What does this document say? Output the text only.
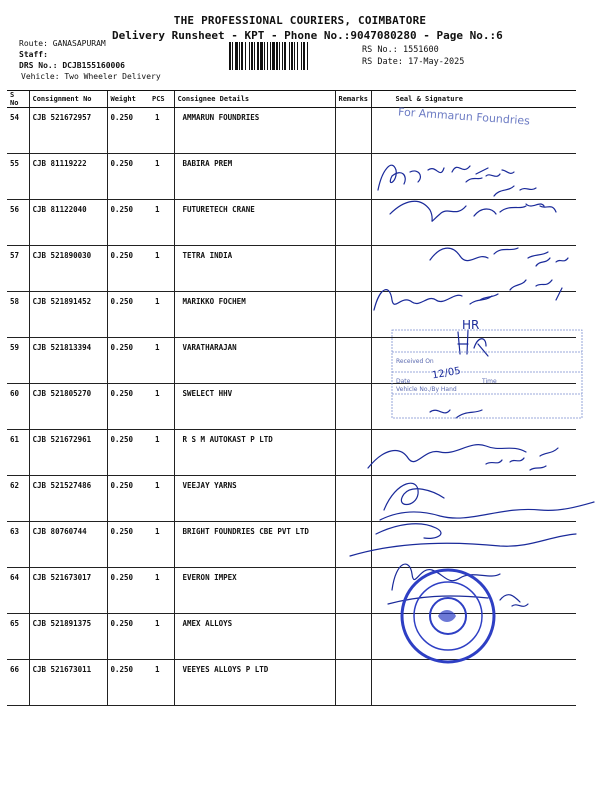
THE PROFESSIONAL COURIERS, COIMBATORE
Delivery Runsheet - KPT - Phone No.:9047080280 - Page No.:6
Route: GANASAPURAM
Staff:
DRS No.: DCJB155160006
Vehicle: Two Wheeler Delivery
RS No.: 1551600
RS Date: 17-May-2025
S No	Consignment No	Weight	PCS	Consignee Details	Remarks	Seal & Signature
54	CJB 521672957	0.250	1	AMMARUN FOUNDRIES		
55	CJB 81119222	0.250	1	BABIRA PREM		
56	CJB 81122040	0.250	1	FUTURETECH CRANE		
57	CJB 521890030	0.250	1	TETRA INDIA		
58	CJB 521891452	0.250	1	MARIKKO FOCHEM		
59	CJB 521813394	0.250	1	VARATHARAJAN		
60	CJB 521805270	0.250	1	SWELECT HHV		
61	CJB 521672961	0.250	1	R S M AUTOKAST P LTD		
62	CJB 521527486	0.250	1	VEEJAY YARNS		
63	CJB 80760744	0.250	1	BRIGHT FOUNDRIES CBE PVT LTD		
64	CJB 521673017	0.250	1	EVERON IMPEX		
65	CJB 521891375	0.250	1	AMEX ALLOYS		
66	CJB 521673011	0.250	1	VEEYES ALLOYS P LTD		
For Ammarun Foundries
Received On
Date
12/05
Time
Vehicle No./By Hand
HR
